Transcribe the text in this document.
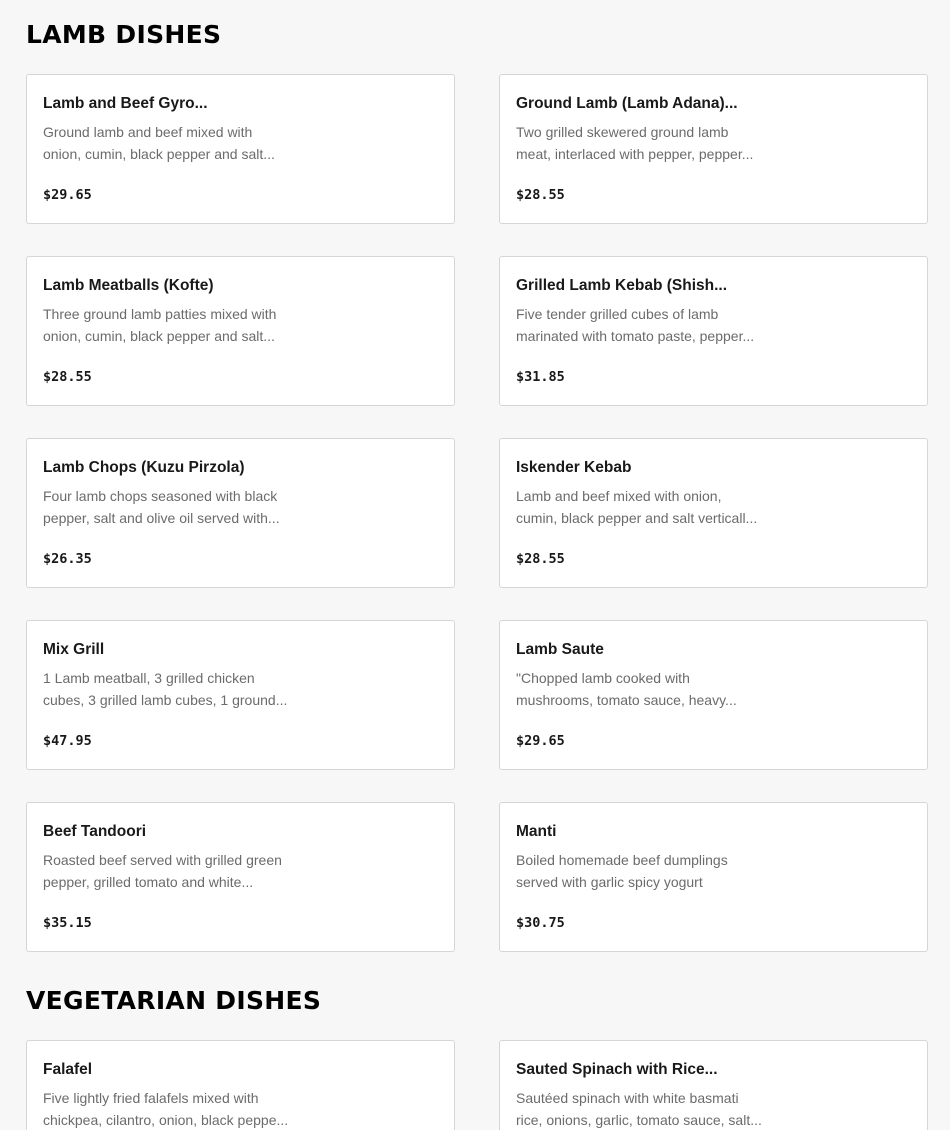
LAMB DISHES
Lamb and Beef Gyro...
Ground lamb and beef mixed with
onion, cumin, black pepper and salt...
$29.65
Ground Lamb (Lamb Adana)...
Two grilled skewered ground lamb
meat, interlaced with pepper, pepper...
$28.55
Lamb Meatballs (Kofte)
Three ground lamb patties mixed with
onion, cumin, black pepper and salt...
$28.55
Grilled Lamb Kebab (Shish...
Five tender grilled cubes of lamb
marinated with tomato paste, pepper...
$31.85
Lamb Chops (Kuzu Pirzola)
Four lamb chops seasoned with black
pepper, salt and olive oil served with...
$26.35
Iskender Kebab
Lamb and beef mixed with onion,
cumin, black pepper and salt verticall...
$28.55
Mix Grill
1 Lamb meatball, 3 grilled chicken
cubes, 3 grilled lamb cubes, 1 ground...
$47.95
Lamb Saute
"Chopped lamb cooked with
mushrooms, tomato sauce, heavy...
$29.65
Beef Tandoori
Roasted beef served with grilled green
pepper, grilled tomato and white...
$35.15
Manti
Boiled homemade beef dumplings
served with garlic spicy yogurt
$30.75
VEGETARIAN DISHES
Falafel
Five lightly fried falafels mixed with
chickpea, cilantro, onion, black peppe...
Sauted Spinach with Rice...
Sautéed spinach with white basmati
rice, onions, garlic, tomato sauce, salt...
